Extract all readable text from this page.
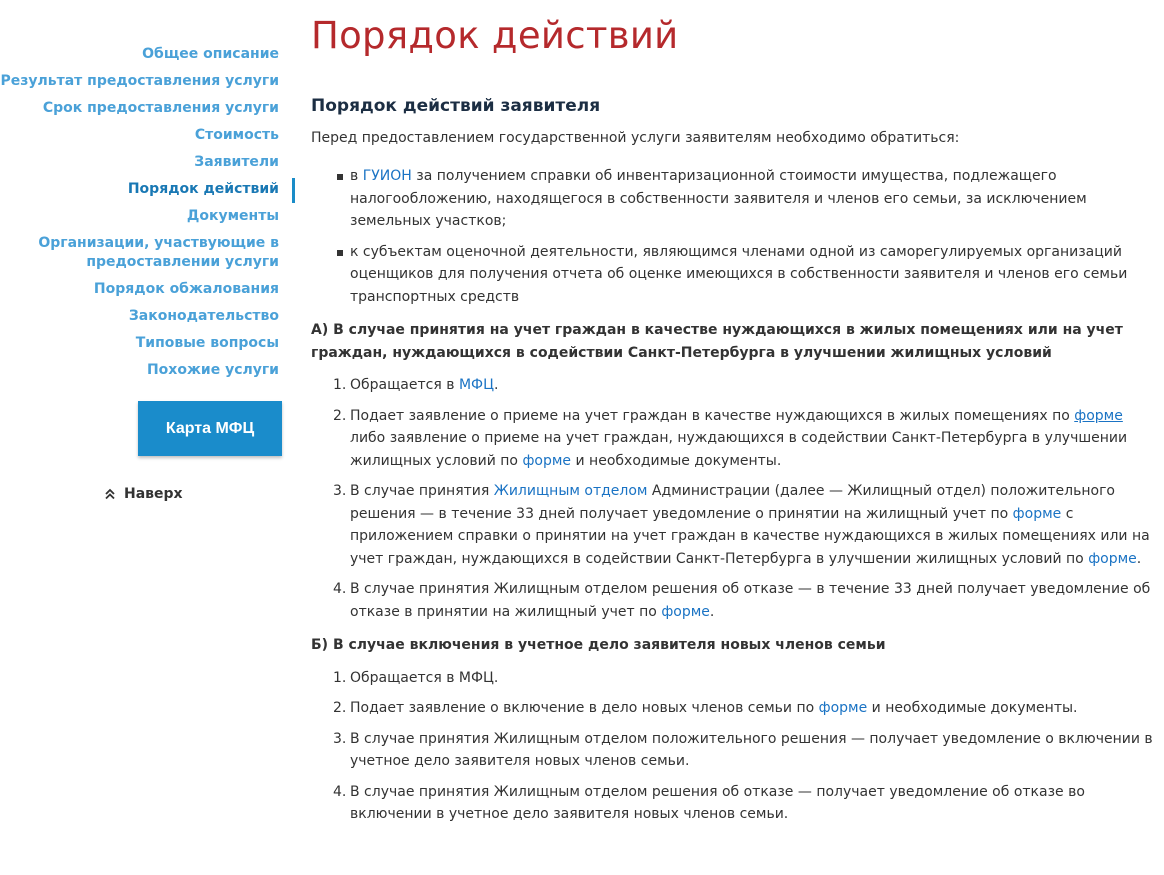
Общее описание
Результат предоставления услуги
Срок предоставления услуги
Стоимость
Заявители
Порядок действий
Документы
Организации, участвующие в предоставлении услуги
Порядок обжалования
Законодательство
Типовые вопросы
Похожие услуги
Карта МФЦ
Наверх
Порядок действий
Порядок действий заявителя
Перед предоставлением государственной услуги заявителям необходимо обратиться:
в ГУИОН за получением справки об инвентаризационной стоимости имущества, подлежащего налогообложению, находящегося в собственности заявителя и членов его семьи, за исключением земельных участков;
к субъектам оценочной деятельности, являющимся членами одной из саморегулируемых организаций оценщиков для получения отчета об оценке имеющихся в собственности заявителя и членов его семьи транспортных средств
А) В случае принятия на учет граждан в качестве нуждающихся в жилых помещениях или на учет граждан, нуждающихся в содействии Санкт-Петербурга в улучшении жилищных условий
1. Обращается в МФЦ.
2. Подает заявление о приеме на учет граждан в качестве нуждающихся в жилых помещениях по форме либо заявление о приеме на учет граждан, нуждающихся в содействии Санкт-Петербурга в улучшении жилищных условий по форме и необходимые документы.
3. В случае принятия Жилищным отделом Администрации (далее — Жилищный отдел) положительного решения — в течение 33 дней получает уведомление о принятии на жилищный учет по форме с приложением справки о принятии на учет граждан в качестве нуждающихся в жилых помещениях или на учет граждан, нуждающихся в содействии Санкт-Петербурга в улучшении жилищных условий по форме.
4. В случае принятия Жилищным отделом решения об отказе — в течение 33 дней получает уведомление об отказе в принятии на жилищный учет по форме.
Б) В случае включения в учетное дело заявителя новых членов семьи
1. Обращается в МФЦ.
2. Подает заявление о включение в дело новых членов семьи по форме и необходимые документы.
3. В случае принятия Жилищным отделом положительного решения — получает уведомление о включении в учетное дело заявителя новых членов семьи.
4. В случае принятия Жилищным отделом решения об отказе — получает уведомление об отказе во включении в учетное дело заявителя новых членов семьи.
